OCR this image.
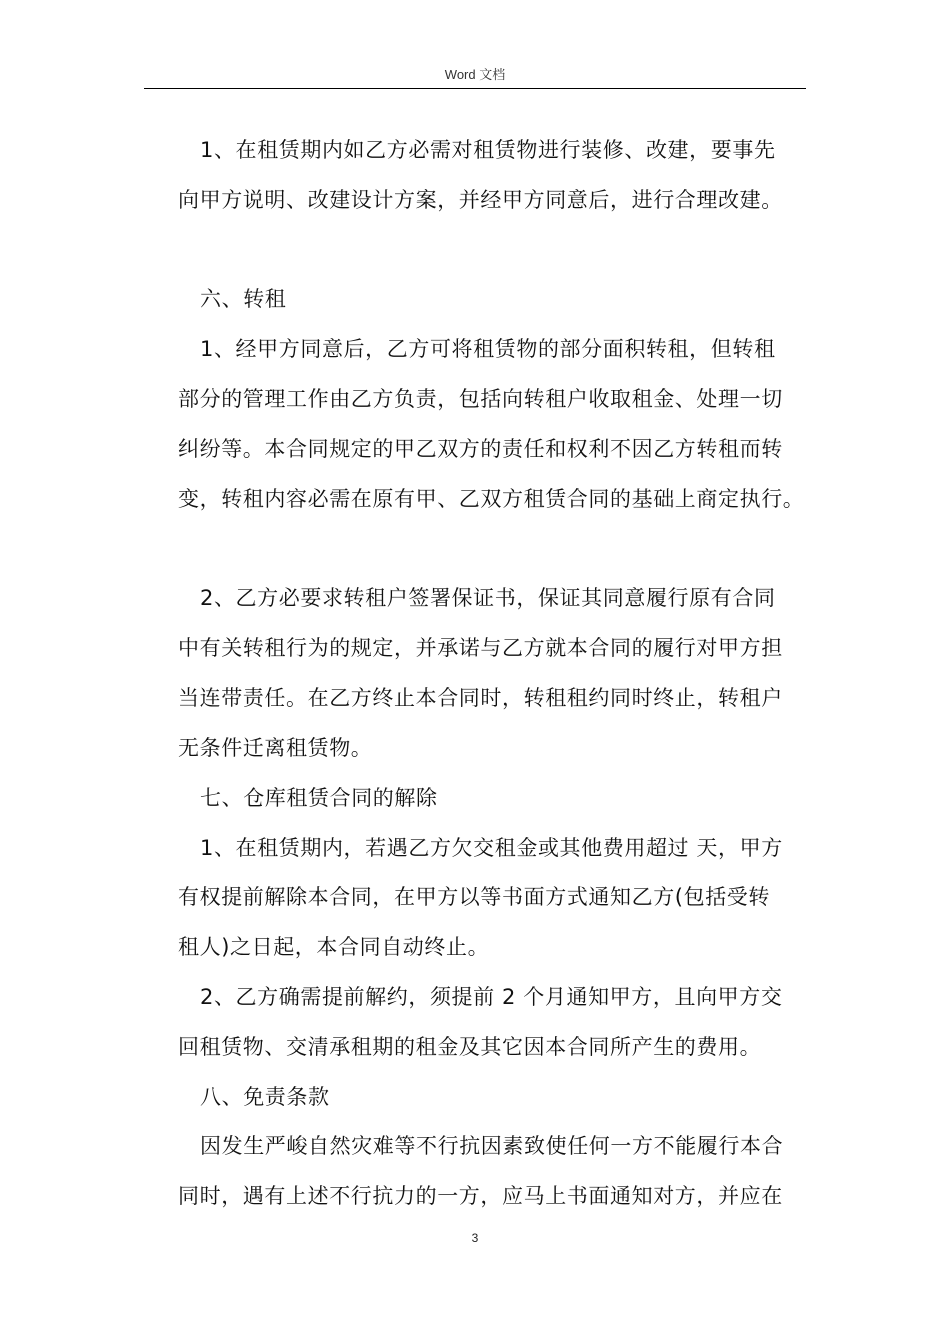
Word 文档
1、在租赁期内如乙方必需对租赁物进行装修、改建，要事先
向甲方说明、改建设计方案，并经甲方同意后，进行合理改建。
六、转租
1、经甲方同意后，乙方可将租赁物的部分面积转租，但转租
部分的管理工作由乙方负责，包括向转租户收取租金、处理一切
纠纷等。本合同规定的甲乙双方的责任和权利不因乙方转租而转
变，转租内容必需在原有甲、乙双方租赁合同的基础上商定执行。
2、乙方必要求转租户签署保证书，保证其同意履行原有合同
中有关转租行为的规定，并承诺与乙方就本合同的履行对甲方担
当连带责任。在乙方终止本合同时，转租租约同时终止，转租户
无条件迁离租赁物。
七、仓库租赁合同的解除
1、在租赁期内，若遇乙方欠交租金或其他费用超过 天，甲方
有权提前解除本合同，在甲方以等书面方式通知乙方(包括受转
租人)之日起，本合同自动终止。
2、乙方确需提前解约，须提前 2 个月通知甲方，且向甲方交
回租赁物、交清承租期的租金及其它因本合同所产生的费用。
八、免责条款
因发生严峻自然灾难等不行抗因素致使任何一方不能履行本合
同时，遇有上述不行抗力的一方，应马上书面通知对方，并应在
3
